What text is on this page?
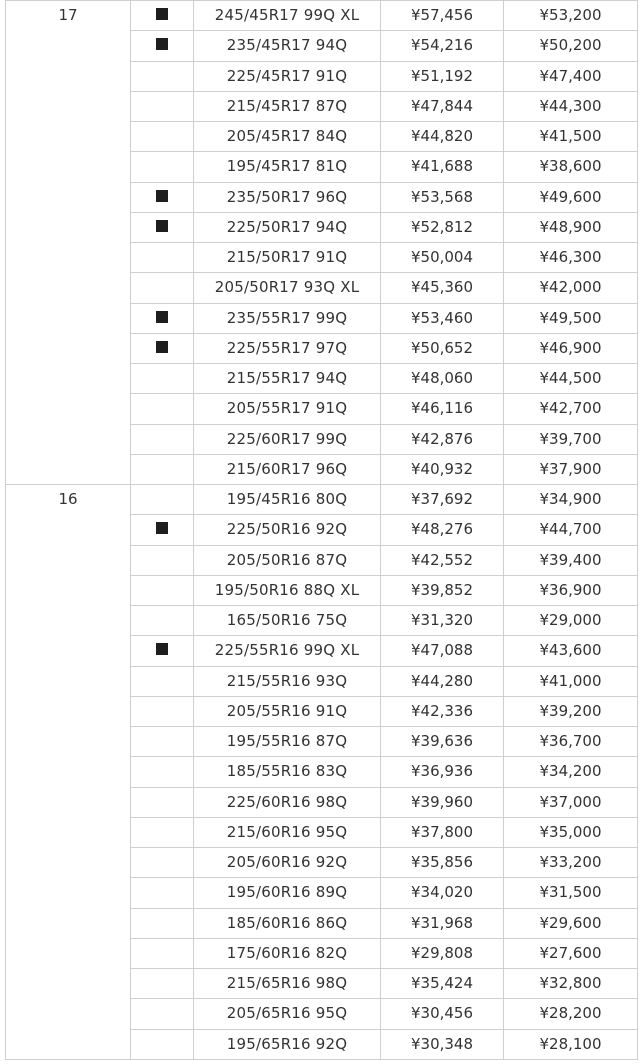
17		245/45R17 99Q XL	¥57,456	¥53,200
		235/45R17 94Q	¥54,216	¥50,200
		225/45R17 91Q	¥51,192	¥47,400
		215/45R17 87Q	¥47,844	¥44,300
		205/45R17 84Q	¥44,820	¥41,500
		195/45R17 81Q	¥41,688	¥38,600
		235/50R17 96Q	¥53,568	¥49,600
		225/50R17 94Q	¥52,812	¥48,900
		215/50R17 91Q	¥50,004	¥46,300
		205/50R17 93Q XL	¥45,360	¥42,000
		235/55R17 99Q	¥53,460	¥49,500
		225/55R17 97Q	¥50,652	¥46,900
		215/55R17 94Q	¥48,060	¥44,500
		205/55R17 91Q	¥46,116	¥42,700
		225/60R17 99Q	¥42,876	¥39,700
		215/60R17 96Q	¥40,932	¥37,900
16		195/45R16 80Q	¥37,692	¥34,900
		225/50R16 92Q	¥48,276	¥44,700
		205/50R16 87Q	¥42,552	¥39,400
		195/50R16 88Q XL	¥39,852	¥36,900
		165/50R16 75Q	¥31,320	¥29,000
		225/55R16 99Q XL	¥47,088	¥43,600
		215/55R16 93Q	¥44,280	¥41,000
		205/55R16 91Q	¥42,336	¥39,200
		195/55R16 87Q	¥39,636	¥36,700
		185/55R16 83Q	¥36,936	¥34,200
		225/60R16 98Q	¥39,960	¥37,000
		215/60R16 95Q	¥37,800	¥35,000
		205/60R16 92Q	¥35,856	¥33,200
		195/60R16 89Q	¥34,020	¥31,500
		185/60R16 86Q	¥31,968	¥29,600
		175/60R16 82Q	¥29,808	¥27,600
		215/65R16 98Q	¥35,424	¥32,800
		205/65R16 95Q	¥30,456	¥28,200
		195/65R16 92Q	¥30,348	¥28,100
